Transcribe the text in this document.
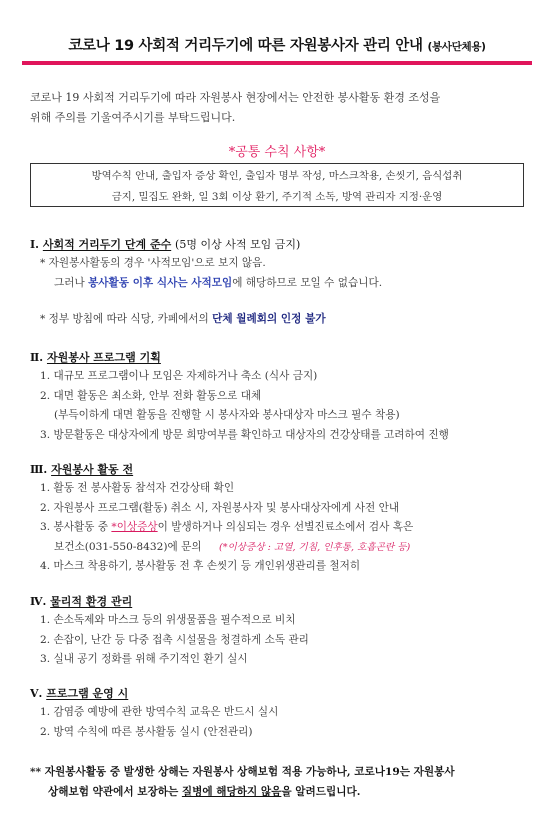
코로나 19 사회적 거리두기에 따른 자원봉사자 관리 안내 (봉사단체용)
코로나 19 사회적 거리두기에 따라 자원봉사 현장에서는 안전한 봉사활동 환경 조성을
위해 주의를 기울여주시기를 부탁드립니다.
*공통 수칙 사항*
방역수칙 안내, 출입자 증상 확인, 출입자 명부 작성, 마스크착용, 손씻기, 음식섭취
금지, 밀집도 완화, 일 3회 이상 환기, 주기적 소독, 방역 관리자 지정·운영
Ⅰ. 사회적 거리두기 단계 준수 (5명 이상 사적 모임 금지)
* 자원봉사활동의 경우 '사적모임'으로 보지 않음.
그러나 봉사활동 이후 식사는 사적모임에 해당하므로 모일 수 없습니다.
* 정부 방침에 따라 식당, 카페에서의 단체 월례회의 인정 불가
Ⅱ. 자원봉사 프로그램 기획
1. 대규모 프로그램이나 모임은 자제하거나 축소 (식사 금지)
2. 대면 활동은 최소화, 안부 전화 활동으로 대체
(부득이하게 대면 활동을 진행할 시 봉사자와 봉사대상자 마스크 필수 착용)
3. 방문활동은 대상자에게 방문 희망여부를 확인하고 대상자의 건강상태를 고려하여 진행
Ⅲ. 자원봉사 활동 전
1. 활동 전 봉사활동 참석자 건강상태 확인
2. 자원봉사 프로그램(활동) 취소 시, 자원봉사자 및 봉사대상자에게 사전 안내
3. 봉사활동 중 *이상증상이 발생하거나 의심되는 경우 선별진료소에서 검사 혹은
보건소(031-550-8432)에 문의 (*이상증상 : 고열, 기침, 인후통, 호흡곤란 등)
4. 마스크 착용하기, 봉사활동 전 후 손씻기 등 개인위생관리를 철저히
Ⅳ. 물리적 환경 관리
1. 손소독제와 마스크 등의 위생물품을 필수적으로 비치
2. 손잡이, 난간 등 다중 접촉 시설물을 청결하게 소독 관리
3. 실내 공기 정화를 위해 주기적인 환기 실시
Ⅴ. 프로그램 운영 시
1. 감염증 예방에 관한 방역수칙 교육은 반드시 실시
2. 방역 수칙에 따른 봉사활동 실시 (안전관리)
** 자원봉사활동 중 발생한 상해는 자원봉사 상해보험 적용 가능하나, 코로나19는 자원봉사
상해보험 약관에서 보장하는 질병에 해당하지 않음을 알려드립니다.
